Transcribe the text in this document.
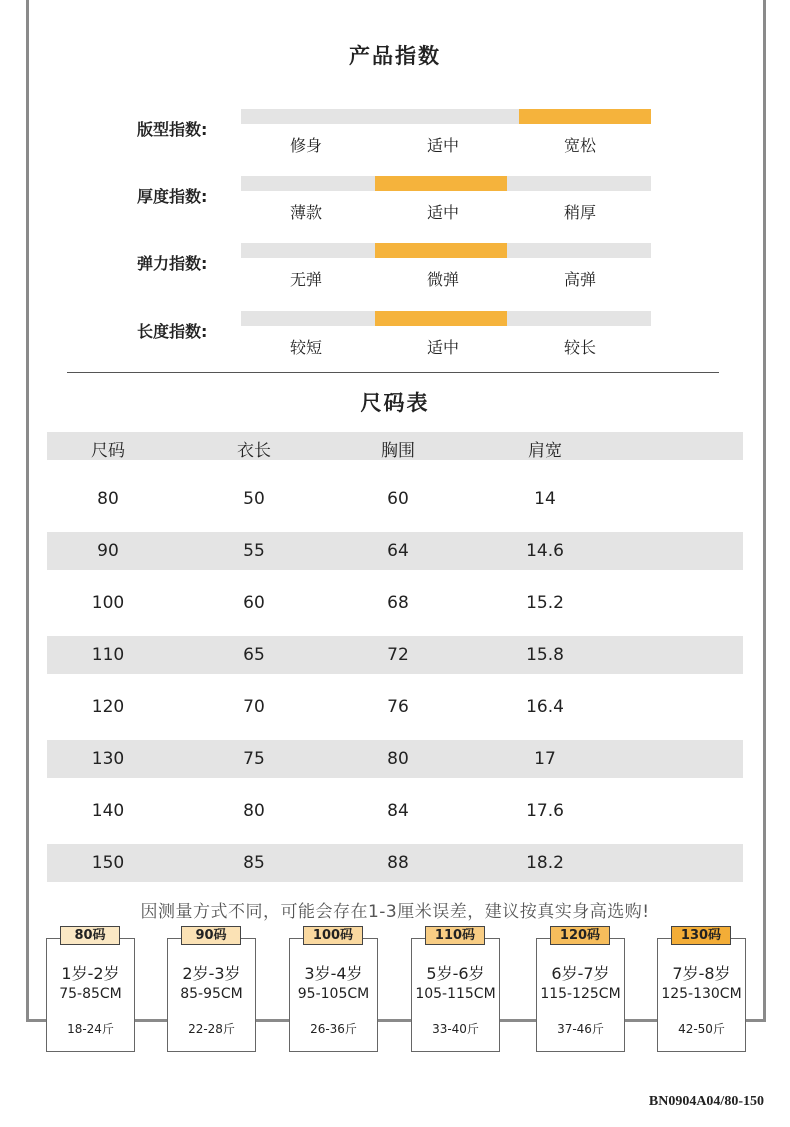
产品指数
版型指数:
修身	适中	宽松
厚度指数:
薄款	适中	稍厚
弹力指数:
无弹	微弹	高弹
长度指数:
较短	适中	较长
尺码表
尺码	衣长	胸围	肩宽
80	50	60	14
90	55	64	14.6
100	60	68	15.2
110	65	72	15.8
120	70	76	16.4
130	75	80	17
140	80	84	17.6
150	85	88	18.2
因测量方式不同，可能会存在1-3厘米误差，建议按真实身高选购!
1岁-2岁
75-85CM
18-24斤
80码
2岁-3岁
85-95CM
22-28斤
90码
3岁-4岁
95-105CM
26-36斤
100码
5岁-6岁
105-115CM
33-40斤
110码
6岁-7岁
115-125CM
37-46斤
120码
7岁-8岁
125-130CM
42-50斤
130码
BN0904A04/80-150
